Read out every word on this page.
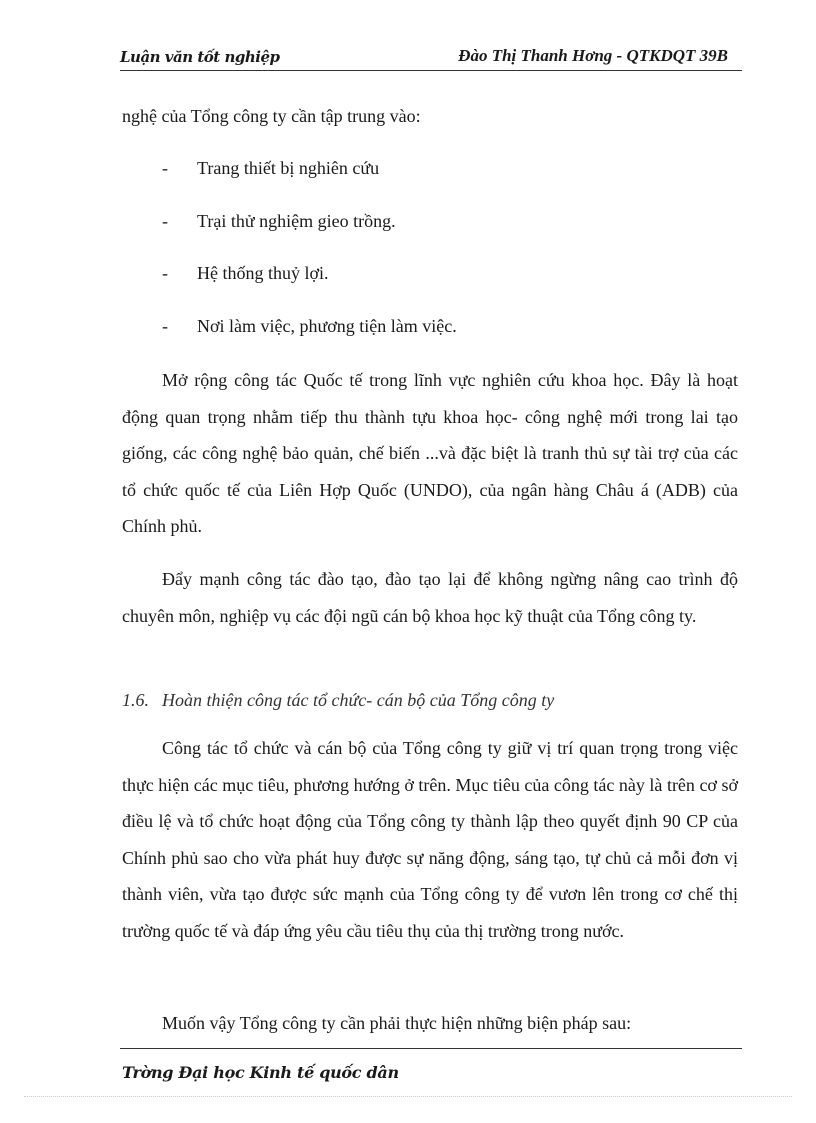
Luận văn tốt nghiệp	Đào Thị Thanh Hơng - QTKDQT 39B
nghệ của Tổng công ty cần tập trung vào:
- Trang thiết bị nghiên cứu
- Trại thử nghiệm gieo trồng.
- Hệ thống thuỷ lợi.
- Nơi làm việc, phương tiện làm việc.
Mở rộng công tác Quốc tế trong lĩnh vực nghiên cứu khoa học. Đây là hoạt động quan trọng nhằm tiếp thu thành tựu khoa học- công nghệ mới trong lai tạo giống, các công nghệ bảo quản, chế biến ...và đặc biệt là tranh thủ sự tài trợ của các tổ chức quốc tế của Liên Hợp Quốc (UNDO), của ngân hàng Châu á (ADB) của Chính phủ.
Đẩy mạnh công tác đào tạo, đào tạo lại để không ngừng nâng cao trình độ chuyên môn, nghiệp vụ các đội ngũ cán bộ khoa học kỹ thuật của Tổng công ty.
1.6. Hoàn thiện công tác tổ chức- cán bộ của Tổng công ty
Công tác tổ chức và cán bộ của Tổng công ty giữ vị trí quan trọng trong việc thực hiện các mục tiêu, phương hướng ở trên. Mục tiêu của công tác này là trên cơ sở điều lệ và tổ chức hoạt động của Tổng công ty thành lập theo quyết định 90 CP của Chính phủ sao cho vừa phát huy được sự năng động, sáng tạo, tự chủ cả mỗi đơn vị thành viên, vừa tạo được sức mạnh của Tổng công ty để vươn lên trong cơ chế thị trường quốc tế và đáp ứng yêu cầu tiêu thụ của thị trường trong nước.
Muốn vậy Tổng công ty cần phải thực hiện những biện pháp sau:
Trờng Đại học Kinh tế quốc dân
